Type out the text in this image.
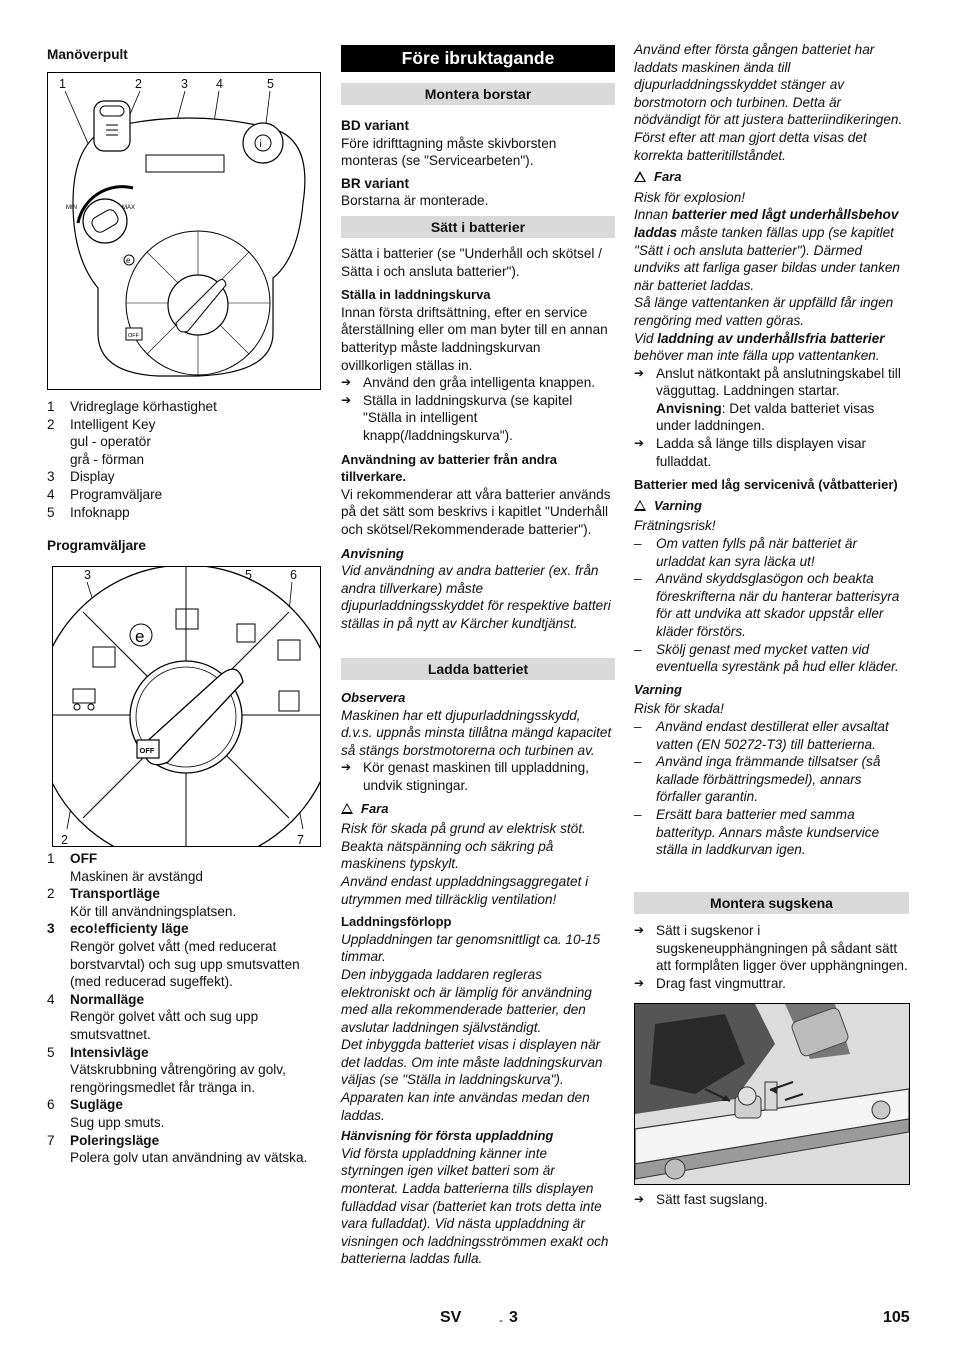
Manöverpult

1	2	3 4	5
i
MIN	MAX
OFF
e
1 Vridreglage körhastighet
2 Intelligent Key
gul - operatör
grå - förman
3 Display
4 Programväljare
5 Infoknapp

Programväljare

3	5	6
2	7
OFF
e
1 OFF
Maskinen är avstängd
2 Transportläge
Kör till användningsplatsen.
3 eco!efficienty läge
Rengör golvet vått (med reducerat borstvarvtal) och sug upp smutsvatten (med reducerad sugeffekt).
4 Normalläge
Rengör golvet vått och sug upp smutsvattnet.
5 Intensivläge
Vätskrubbning våtrengöring av golv, rengöringsmedlet får tränga in.
6 Sugläge
Sug upp smuts.
7 Poleringsläge
Polera golv utan användning av vätska.
Före ibruktagande
Montera borstar

BD variant

Före idrifttagning måste skivborsten monteras (se "Servicearbeten").

BR variant

Borstarna är monterade.

Sätt i batterier

Sätta i batterier (se "Underhåll och skötsel / Sätta i och ansluta batterier").

Ställa in laddningskurva

Innan första driftsättning, efter en service återställning eller om man byter till en annan batterityp måste laddningskurvan ovillkorligen ställas in.

➔ Använd den gråa intelligenta knappen.

➔ Ställa in laddningskurva (se kapitel "Ställa in intelligent knapp(/laddningskurva").

Användning av batterier från andra tillverkare.

Vi rekommenderar att våra batterier används på det sätt som beskrivs i kapitlet "Underhåll och skötsel/Rekommenderade batterier").

Anvisning

Vid användning av andra batterier (ex. från andra tillverkare) måste djupurladdningsskyddet för respektive batteri ställas in på nytt av Kärcher kundtjänst.

Ladda batteriet

Observera

Maskinen har ett djupurladdningsskydd, d.v.s. uppnås minsta tillåtna mängd kapacitet så stängs borstmotorerna och turbinen av.

➔ Kör genast maskinen till uppladdning, undvik stigningar.

Fara

Risk för skada på grund av elektrisk stöt. Beakta nätspänning och säkring på maskinens typskylt.

Använd endast uppladdningsaggregatet i utrymmen med tillräcklig ventilation!

Laddningsförlopp

Uppladdningen tar genomsnittligt ca. 10-15 timmar.

Den inbyggada laddaren regleras elektroniskt och är lämplig för användning med alla rekommenderade batterier, den avslutar laddningen självständigt.

Det inbyggda batteriet visas i displayen när det laddas. Om inte måste laddningskurvan väljas (se "Ställa in laddningskurva").

Apparaten kan inte användas medan den laddas.

Hänvisning för första uppladdning

Vid första uppladdning känner inte styrningen igen vilket batteri som är monterat. Ladda batterierna tills displayen fulladdad visar (batteriet kan trots detta inte vara fulladdat). Vid nästa uppladdning är visningen och laddningsströmmen exakt och batterierna laddas fulla.

Använd efter första gången batteriet har laddats maskinen ända till djupurladdningsskyddet stänger av borstmotorn och turbinen. Detta är nödvändigt för att justera batteriindikeringen. Först efter att man gjort detta visas det korrekta batteritillståndet.

Fara

Risk för explosion!

Innan batterier med lågt underhållsbehov laddas måste tanken fällas upp (se kapitlet "Sätt i och ansluta batterier"). Därmed undviks att farliga gaser bildas under tanken när batteriet laddas.

Så länge vattentanken är uppfälld får ingen rengöring med vatten göras.

Vid laddning av underhållsfria batterier behöver man inte fälla upp vattentanken.

➔ Anslut nätkontakt på anslutningskabel till vägguttag. Laddningen startar.

Anvisning: Det valda batteriet visas under laddningen.

➔ Ladda så länge tills displayen visar fulladdat.

Batterier med låg servicenivå (våtbatterier)

Varning

Frätningsrisk!

– Om vatten fylls på när batteriet är urladdat kan syra läcka ut!

– Använd skyddsglasögon och beakta föreskrifterna när du hanterar batterisyra för att undvika att skador uppstår eller kläder förstörs.

– Skölj genast med mycket vatten vid eventuella syrestänk på hud eller kläder.

Varning

Risk för skada!

– Använd endast destillerat eller avsaltat vatten (EN 50272-T3) till batterierna.

– Använd inga främmande tillsatser (så kallade förbättringsmedel), annars förfaller garantin.

– Ersätt bara batterier med samma batterityp. Annars måste kundservice ställa in laddkurvan igen.

Montera sugskena

➔ Sätt i sugskenor i sugskeneupphängningen på sådant sätt att formplåten ligger över upphängningen.

➔ Drag fast vingmuttrar.

➔ Sätt fast sugslang.

SV	- 3	105
